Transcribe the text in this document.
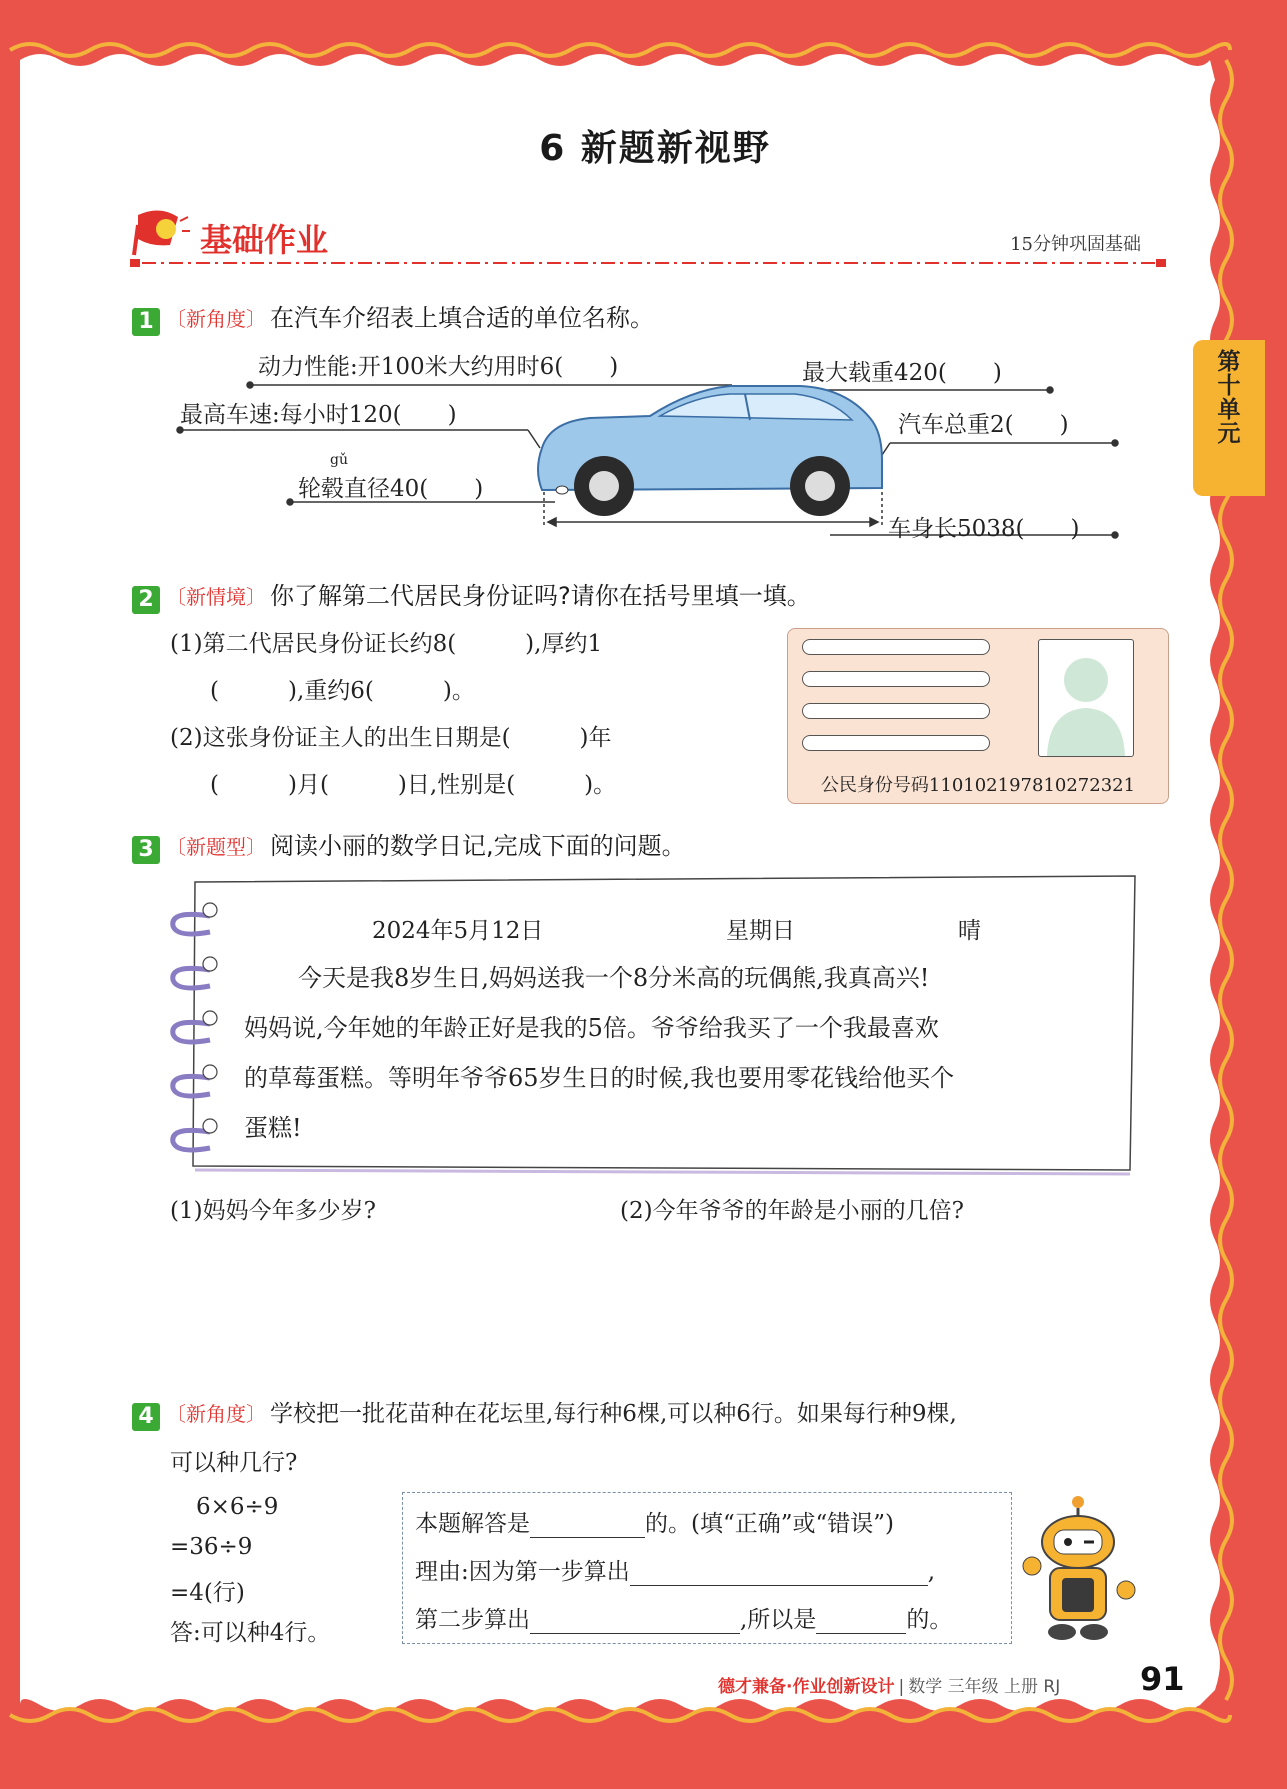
6 新题新视野
基础作业	15分钟巩固基础
第
十
单
元
1 〔新角度〕 在汽车介绍表上填合适的单位名称。
动力性能:开100米大约用时6(　　)	最大载重420(　　)
最高车速:每小时120(　　)	汽车总重2(　　)
gǔ
轮毂直径40(　　)
车身长5038(　　)
2 〔新情境〕 你了解第二代居民身份证吗?请你在括号里填一填。
(1)第二代居民身份证长约8(　　　),厚约1
(　　　),重约6(　　　)。
(2)这张身份证主人的出生日期是(　　　)年
(　　　)月(　　　)日,性别是(　　　)。	公民身份号码110102197810272321
3 〔新题型〕 阅读小丽的数学日记,完成下面的问题。
2024年5月12日	星期日	晴
今天是我8岁生日,妈妈送我一个8分米高的玩偶熊,我真高兴!
妈妈说,今年她的年龄正好是我的5倍。爷爷给我买了一个我最喜欢
的草莓蛋糕。等明年爷爷65岁生日的时候,我也要用零花钱给他买个
蛋糕!
(1)妈妈今年多少岁?	(2)今年爷爷的年龄是小丽的几倍?
4 〔新角度〕 学校把一批花苗种在花坛里,每行种6棵,可以种6行。如果每行种9棵,
可以种几行?
6×6÷9
=36÷9
=4(行)
答:可以种4行。
本题解答是	的。(填“正确”或“错误”)
理由:因为第一步算出	,
第二步算出	,所以是	的。
德才兼备·作业创新设计 | 数学 三年级 上册 RJ 91
